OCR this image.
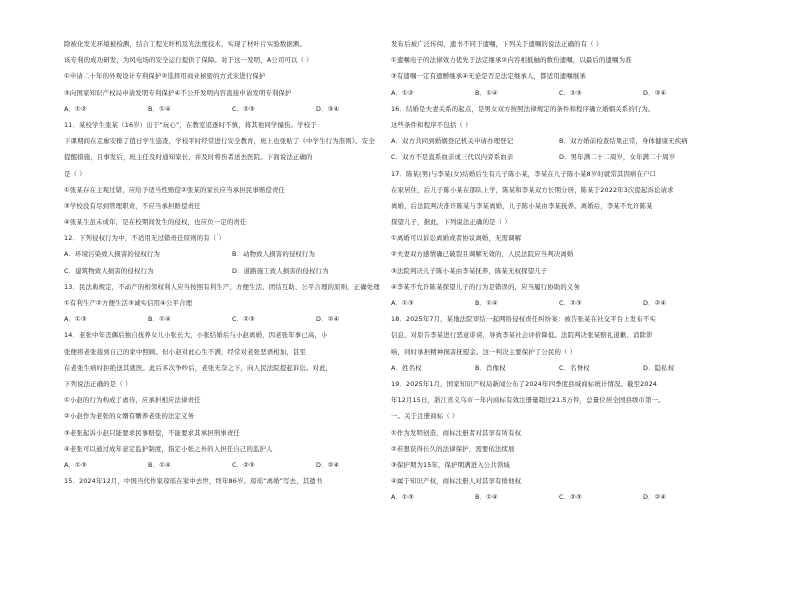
除被化发光环境被检测，结合工程光纤机及光法度技术，实现了材叶片实验数据测。
该专利的成功研发，为风电场的安全运行提供了保障。对于这一发明，A公司可以（ ）
①申请二十年的外观设计专利保护②选择用商业秘密的方式来进行保护
③向国家知识产权局申请发明专利保护④不公开发明内容直接申请发明专利保护
A．①②	B．①④	C．②③	D．③④
11．某校学生张某（16岁）出于“玩心”，在教室追逐时不慎，将其他同学撞伤。学校于
下课期间在走廊安排了值日学生巡查，学校平时经常进行安全教育，班上也张贴了《中学生行为准则》。安全
提醒措施，且事发后，班主任及时通知家长，并及时将伤者送去医院。下面说法正确的
是（ ）
①张某存在主观过错，应给予适当性赔偿②张某的家长应当承担民事赔偿责任
③学校没有尽到管理职责，不应当承担赔偿责任
④张某生虽未成年，是在校期间发生的侵权，也应负一定的责任
12．下列侵权行为中，不适用无过错责任原则的有（ ）
A．环境污染致人损害的侵权行为	B．动物致人损害的侵权行为
C．建筑物致人损害的侵权行为	D．道路施工致人损害的侵权行为
13．民法典规定，不动产的相邻权利人应当按照有利生产、方便生活、团结互助、公平合理的原则，正确处理
①有利生产②方便生活③诚实信用④公平合理
A．①③	B．①④	C．②③	D．②④
14．老张中年丧偶后独自抚养女儿小张长大，小张结婚后与小赵离婚，因老张年事已高，小
张便将老张接到自己的家中照顾。但小赵对此心生不满，经常对老张恶语相加，甚至
在老张生病时拒绝送其就医。此后多次争吵后，老张无奈之下，向人民法院提起诉讼。对此，
下列说法正确的是（ ）
①小赵的行为构成了虐待，应承担相应法律责任
②小赵作为老张的女婿有赡养老张的法定义务
③老张起诉小赵只能要求民事赔偿，不能要求其承担刑事责任
④老张可以通过成年意定监护制度，指定小张之外的人担任自己的监护人
A．①③	B．①④	C．②③	D．②④
15．2024年12月，中国当代作家琼瑶在家中去世，终年86岁。琼瑶“离婚”写去，其遗书
发布后被广泛传阅，遗书不同于遗嘱，下列关于遗嘱的说法正确的有（ ）
①遗嘱电子的法律效力优先于法定继承②内容相抵触的数份遗嘱，以最后的遗嘱为准
③有遗嘱一定有遗赠继承④无论是否是法定继承人，都适用遗嘱继承
A．①②	B．①④	C．②③	D．③④
16．结婚是夫妻关系的起点，是男女双方按照法律规定的条件和程序确立婚姻关系的行为。
这些条件和程序不包括（ ）
A．双方共同到婚姻登记机关申请办理登记	B．双方婚前检查结果正常，身体健康无疾病
C．双方不是直系血亲或三代以内旁系血亲	D．男年满二十二周岁，女年满二十周岁
17．陈某(男)与李某(女)结婚后生有儿子陈小某，李某在儿子陈小某8岁时就常其因病在户口
在家居住，后儿子陈小某在部队上学，陈某和李某双方长期分居，陈某于2022年3次提起诉讼请求
离婚，后法院判决准许陈某与李某离婚，儿子陈小某由李某抚养。离婚后，李某不允许陈某
探望儿子，据此，下列说法正确的是（ ）
①离婚可以诉讼离婚或者协议离婚，无需调解
②夫妻双方感情确已破裂且调解无效的，人民法院应当判决离婚
③法院判决儿子陈小某由李某抚养，陈某无权探望儿子
④李某不允许陈某探望儿子的行为是错误的，应当履行协助的义务
A．①③	B．①④	C．②③	D．②④
18．2025年7月，某地法院审结一起网络侵权责任纠纷案：被告张某在社交平台上发布不实
信息，对原告李某进行恶意诽谤，导致李某社会评价降低。法院判决张某赔礼道歉、消除影
响，同时承担精神损害抚慰金。这一判决主要保护了公民的（ ）
A．姓名权	B．肖像权	C．名誉权	D．隐私权
19．2025年1月，国家知识产权局新闻公布了2024年四季度县域商标统计情况。截至2024
年12月15日，浙江省义乌市一年内商标有效注册量超过21.5万件，总量位居全国县级市第一。
一。关于注册商标（ ）
①作为发明创造，商标注册者对其享有所有权
②若想获得长久的法律保护，需要依法续展
③保护期为15年，保护期满进入公共领域
④属于知识产权，商标注册人对其享有排他权
A．①③	B．①④	C．②③	D．②④
